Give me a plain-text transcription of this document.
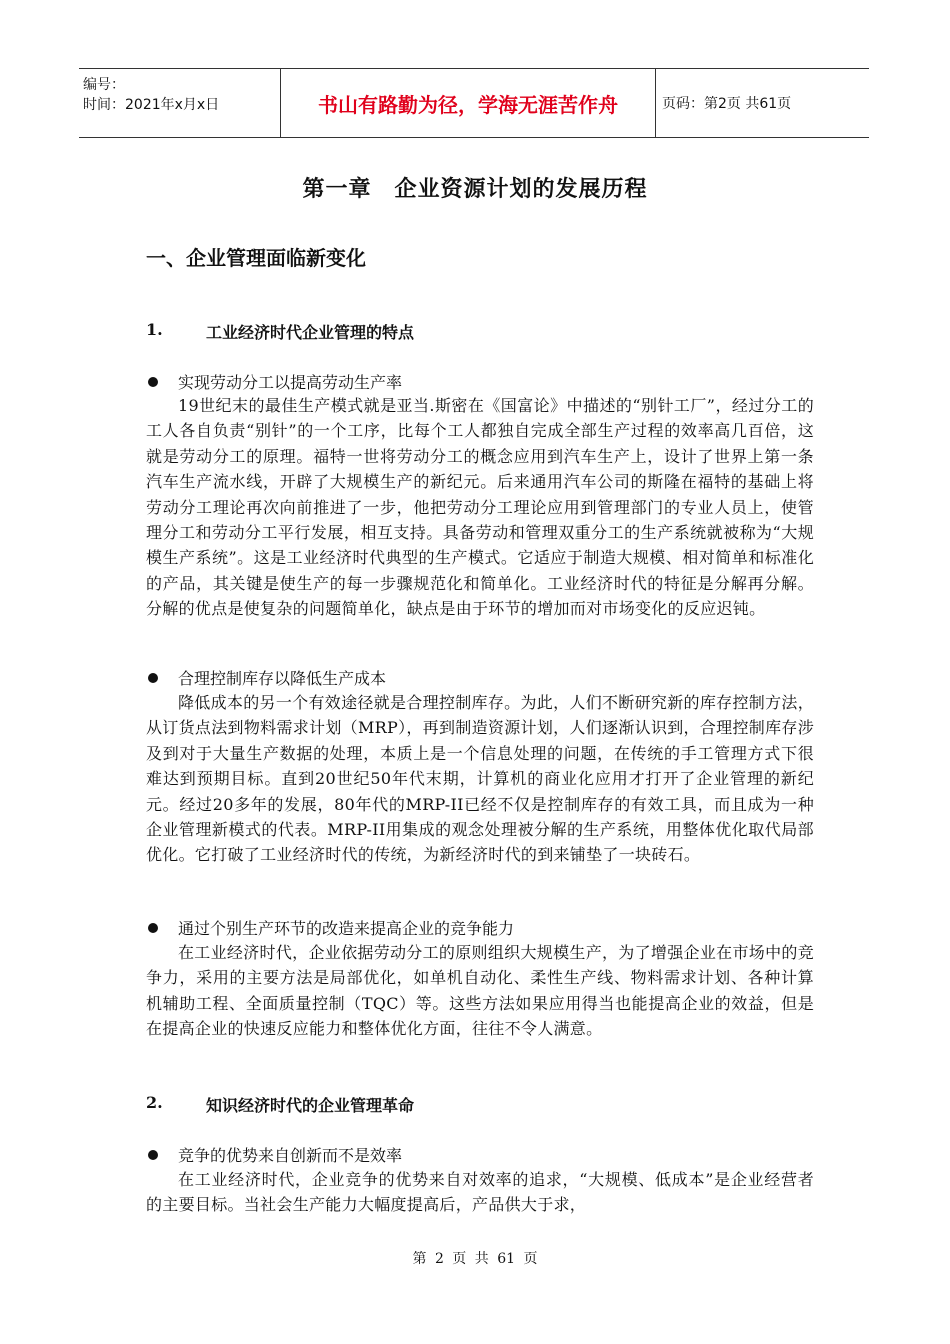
编号：
时间：2021年x月x日	书山有路勤为径，学海无涯苦作舟	页码：第2页 共61页
第一章　企业资源计划的发展历程
一、企业管理面临新变化
1.	工业经济时代企业管理的特点
实现劳动分工以提高劳动生产率
19世纪末的最佳生产模式就是亚当.斯密在《国富论》中描述的“别针工厂”，经过分工的工人各自负责“别针”的一个工序，比每个工人都独自完成全部生产过程的效率高几百倍，这就是劳动分工的原理。福特一世将劳动分工的概念应用到汽车生产上，设计了世界上第一条汽车生产流水线，开辟了大规模生产的新纪元。后来通用汽车公司的斯隆在福特的基础上将劳动分工理论再次向前推进了一步，他把劳动分工理论应用到管理部门的专业人员上，使管理分工和劳动分工平行发展，相互支持。具备劳动和管理双重分工的生产系统就被称为“大规模生产系统”。这是工业经济时代典型的生产模式。它适应于制造大规模、相对简单和标准化的产品，其关键是使生产的每一步骤规范化和简单化。工业经济时代的特征是分解再分解。分解的优点是使复杂的问题简单化，缺点是由于环节的增加而对市场变化的反应迟钝。
合理控制库存以降低生产成本
降低成本的另一个有效途径就是合理控制库存。为此，人们不断研究新的库存控制方法，从订货点法到物料需求计划（MRP），再到制造资源计划，人们逐渐认识到，合理控制库存涉及到对于大量生产数据的处理，本质上是一个信息处理的问题，在传统的手工管理方式下很难达到预期目标。直到20世纪50年代末期，计算机的商业化应用才打开了企业管理的新纪元。经过20多年的发展，80年代的MRP-II已经不仅是控制库存的有效工具，而且成为一种企业管理新模式的代表。MRP-II用集成的观念处理被分解的生产系统，用整体优化取代局部优化。它打破了工业经济时代的传统，为新经济时代的到来铺垫了一块砖石。
通过个别生产环节的改造来提高企业的竞争能力
在工业经济时代，企业依据劳动分工的原则组织大规模生产，为了增强企业在市场中的竞争力，采用的主要方法是局部优化，如单机自动化、柔性生产线、物料需求计划、各种计算机辅助工程、全面质量控制（TQC）等。这些方法如果应用得当也能提高企业的效益，但是在提高企业的快速反应能力和整体优化方面，往往不令人满意。
2.	知识经济时代的企业管理革命
竞争的优势来自创新而不是效率
在工业经济时代，企业竞争的优势来自对效率的追求，“大规模、低成本”是企业经营者的主要目标。当社会生产能力大幅度提高后，产品供大于求，
第 2 页 共 61 页
